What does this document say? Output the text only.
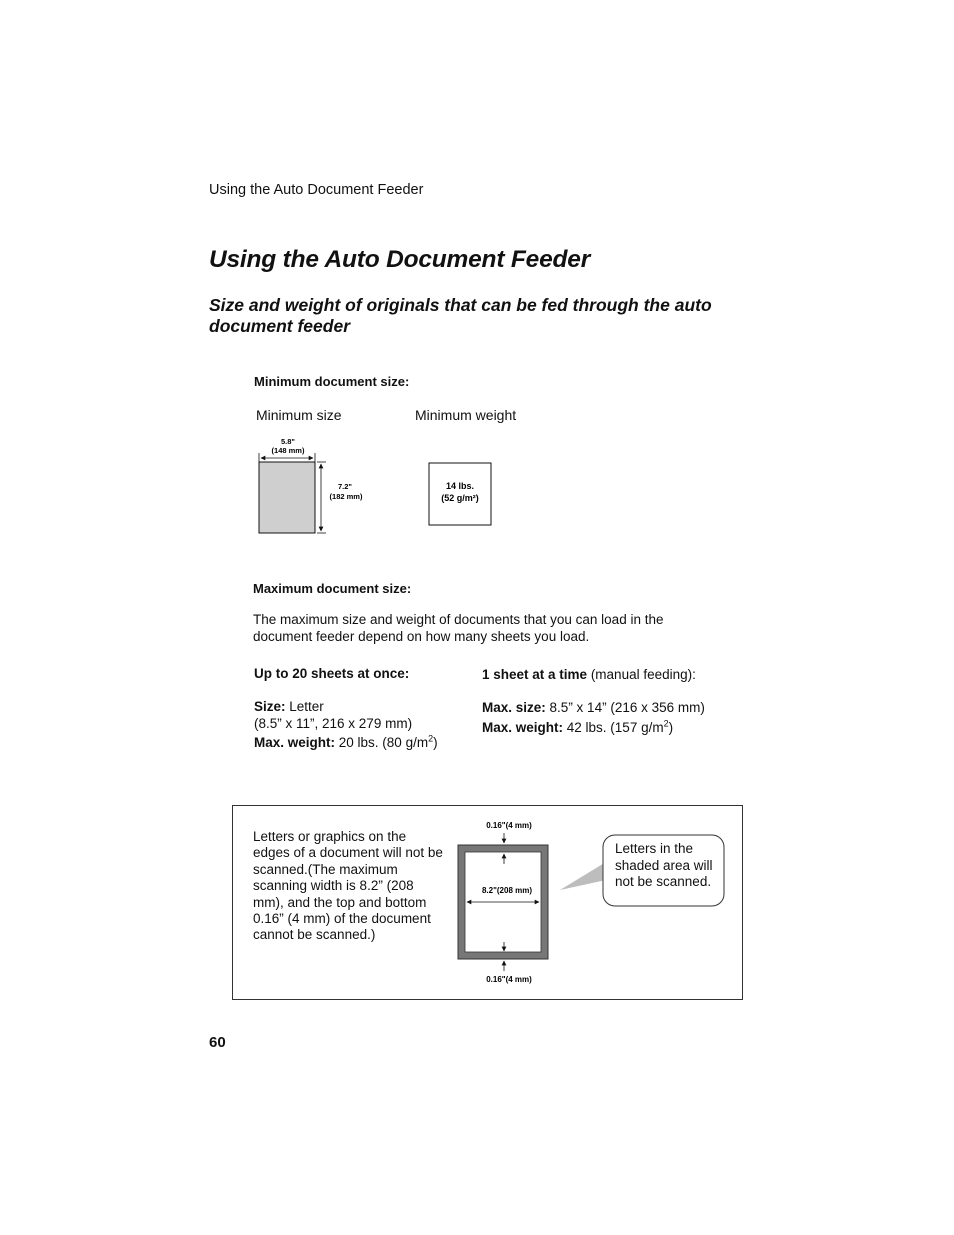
Using the Auto Document Feeder
Using the Auto Document Feeder
Size and weight of originals that can be fed through the auto document feeder
Minimum document size:
Minimum size	Minimum weight
5.8"
(148 mm)
7.2"
(182 mm)
14 lbs.
(52 g/m²)
0.16"(4 mm)
8.2"(208 mm)
0.16"(4 mm)
Maximum document size:
The maximum size and weight of documents that you can load in the document feeder depend on how many sheets you load.
Up to 20 sheets at once:
Size: Letter
(8.5” x 11”, 216 x 279 mm)
Max. weight: 20 lbs. (80 $g/m^2$)
1 sheet at a time (manual feeding):
Max. size: 8.5” x 14” (216 x 356 mm)
Max. weight: 42 lbs. (157 $g/m^2$)
Letters or graphics on the edges of a document will not be scanned.(The maximum scanning width is 8.2” (208 mm), and the top and bottom 0.16” (4 mm) of the document cannot be scanned.)
Letters in the shaded area will not be scanned.
60
